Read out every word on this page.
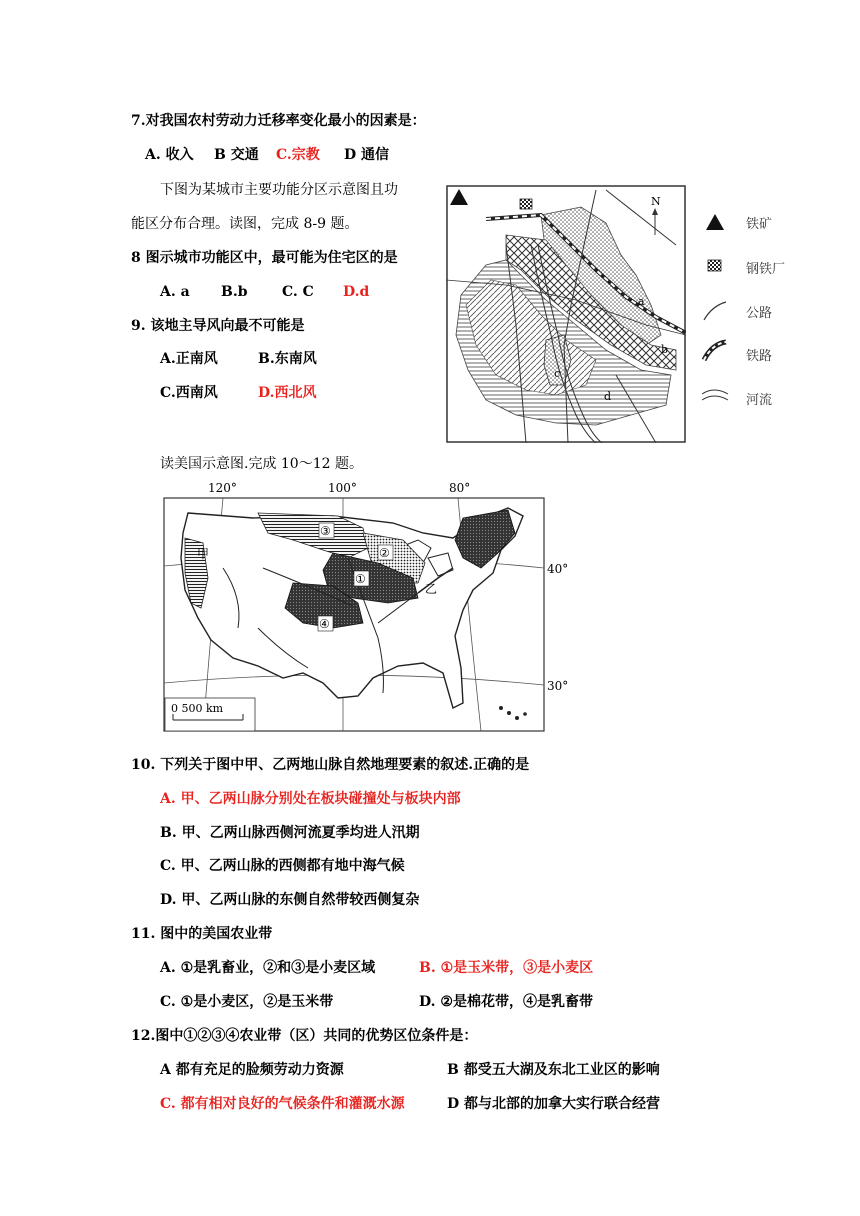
7.对我国农村劳动力迁移率变化最小的因素是：
A. 收入 B 交通 C.宗教 D 通信
下图为某城市主要功能分区示意图且功
能区分布合理。读图，完成 8-9 题。
8 图示城市功能区中，最可能为住宅区的是
A. a B.b C. C D.d
9. 该地主导风向最不可能是
A.正南风	B.东南风
C.西南风	D.西北风
N
a
b
c
d
铁矿
钢铁厂
公路
铁路
河流
读美国示意图.完成 10～12 题。
0 500 km
120°	100°	80°
40°
30°
①
②
③
④
甲
乙
10. 下列关于图中甲、乙两地山脉自然地理要素的叙述.正确的是
A. 甲、乙两山脉分别处在板块碰撞处与板块内部
B. 甲、乙两山脉西侧河流夏季均进人汛期
C. 甲、乙两山脉的西侧都有地中海气候
D. 甲、乙两山脉的东侧自然带较西侧复杂
11. 图中的美国农业带
A. ①是乳畜业，②和③是小麦区域	B. ①是玉米带，③是小麦区
C. ①是小麦区，②是玉米带	D. ②是棉花带，④是乳畜带
12.图中①②③④农业带（区）共同的优势区位条件是：
A 都有充足的脸频劳动力资源	B 都受五大湖及东北工业区的影响
C. 都有相对良好的气候条件和灌溉水源	D 都与北部的加拿大实行联合经营
